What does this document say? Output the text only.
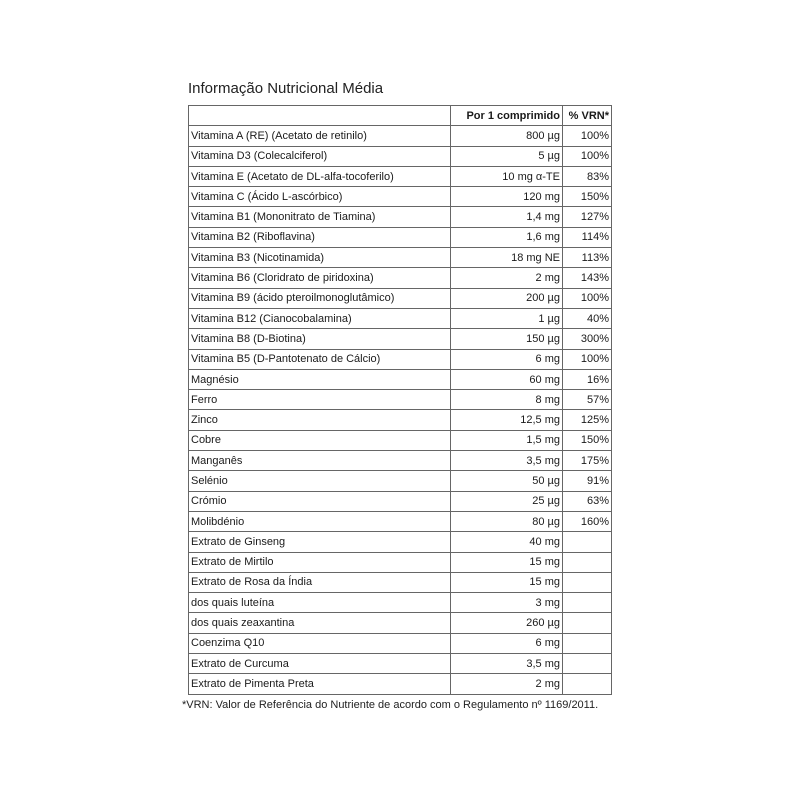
Informação Nutricional Média
	Por 1 comprimido	% VRN*
Vitamina A (RE) (Acetato de retinilo)	800 µg	100%
Vitamina D3 (Colecalciferol)	5 µg	100%
Vitamina E (Acetato de DL-alfa-tocoferilo)	10 mg α-TE	83%
Vitamina C (Ácido L-ascórbico)	120 mg	150%
Vitamina B1 (Mononitrato de Tiamina)	1,4 mg	127%
Vitamina B2 (Riboflavina)	1,6 mg	114%
Vitamina B3 (Nicotinamida)	18 mg NE	113%
Vitamina B6 (Cloridrato de piridoxina)	2 mg	143%
Vitamina B9 (ácido pteroilmonoglutâmico)	200 µg	100%
Vitamina B12 (Cianocobalamina)	1 µg	40%
Vitamina B8 (D-Biotina)	150 µg	300%
Vitamina B5 (D-Pantotenato de Cálcio)	6 mg	100%
Magnésio	60 mg	16%
Ferro	8 mg	57%
Zinco	12,5 mg	125%
Cobre	1,5 mg	150%
Manganês	3,5 mg	175%
Selénio	50 µg	91%
Crómio	25 µg	63%
Molibdénio	80 µg	160%
Extrato de Ginseng	40 mg	
Extrato de Mirtilo	15 mg	
Extrato de Rosa da Índia	15 mg	
dos quais luteína	3 mg	
dos quais zeaxantina	260 µg	
Coenzima Q10	6 mg	
Extrato de Curcuma	3,5 mg	
Extrato de Pimenta Preta	2 mg	
*VRN: Valor de Referência do Nutriente de acordo com o Regulamento nº 1169/2011.
